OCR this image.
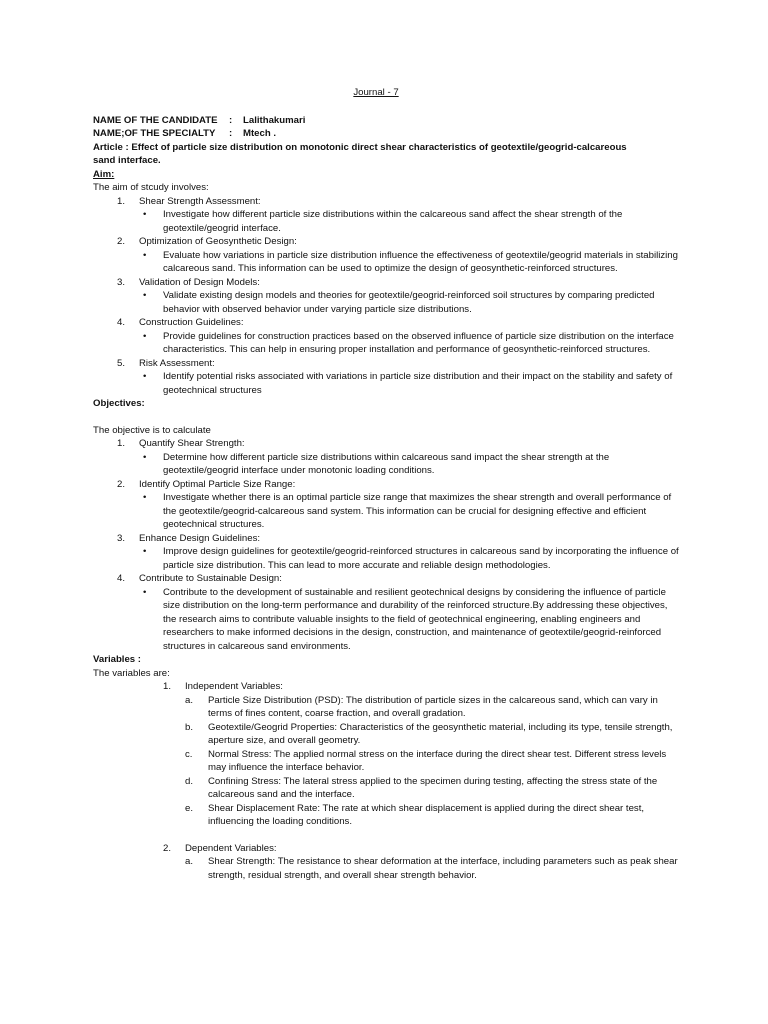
Journal - 7
NAME OF THE CANDIDATE	:	Lalithakumari
NAME;OF THE SPECIALTY	:	Mtech .
Article : Effect of particle size distribution on monotonic direct shear characteristics of geotextile/geogrid-calcareous
sand interface.
Aim:
The aim of stcudy involves:
1.	Shear Strength Assessment:
•	Investigate how different particle size distributions within the calcareous sand affect the shear strength of the geotextile/geogrid interface.
2.	Optimization of Geosynthetic Design:
•	Evaluate how variations in particle size distribution influence the effectiveness of geotextile/geogrid materials in stabilizing calcareous sand. This information can be used to optimize the design of geosynthetic-reinforced structures.
3.	Validation of Design Models:
•	Validate existing design models and theories for geotextile/geogrid-reinforced soil structures by comparing predicted behavior with observed behavior under varying particle size distributions.
4.	Construction Guidelines:
•	Provide guidelines for construction practices based on the observed influence of particle size distribution on the interface characteristics. This can help in ensuring proper installation and performance of geosynthetic-reinforced structures.
5.	Risk Assessment:
•	Identify potential risks associated with variations in particle size distribution and their impact on the stability and safety of geotechnical structures
Objectives:
The objective is to calculate
1.	Quantify Shear Strength:
•	Determine how different particle size distributions within calcareous sand impact the shear strength at the geotextile/geogrid interface under monotonic loading conditions.
2.	Identify Optimal Particle Size Range:
•	Investigate whether there is an optimal particle size range that maximizes the shear strength and overall performance of the geotextile/geogrid-calcareous sand system. This information can be crucial for designing effective and efficient geotechnical structures.
3.	Enhance Design Guidelines:
•	Improve design guidelines for geotextile/geogrid-reinforced structures in calcareous sand by incorporating the influence of particle size distribution. This can lead to more accurate and reliable design methodologies.
4.	Contribute to Sustainable Design:
•	Contribute to the development of sustainable and resilient geotechnical designs by considering the influence of particle size distribution on the long-term performance and durability of the reinforced structure.By addressing these objectives, the research aims to contribute valuable insights to the field of geotechnical engineering, enabling engineers and researchers to make informed decisions in the design, construction, and maintenance of geotextile/geogrid-reinforced structures in calcareous sand environments.
Variables :
The variables are:
1.	Independent Variables:
a.	Particle Size Distribution (PSD): The distribution of particle sizes in the calcareous sand, which can vary in terms of fines content, coarse fraction, and overall gradation.
b.	Geotextile/Geogrid Properties: Characteristics of the geosynthetic material, including its type, tensile strength, aperture size, and overall geometry.
c.	Normal Stress: The applied normal stress on the interface during the direct shear test. Different stress levels may influence the interface behavior.
d.	Confining Stress: The lateral stress applied to the specimen during testing, affecting the stress state of the calcareous sand and the interface.
e.	Shear Displacement Rate: The rate at which shear displacement is applied during the direct shear test, influencing the loading conditions.
2.	Dependent Variables:
a.	Shear Strength: The resistance to shear deformation at the interface, including parameters such as peak shear strength, residual strength, and overall shear strength behavior.
